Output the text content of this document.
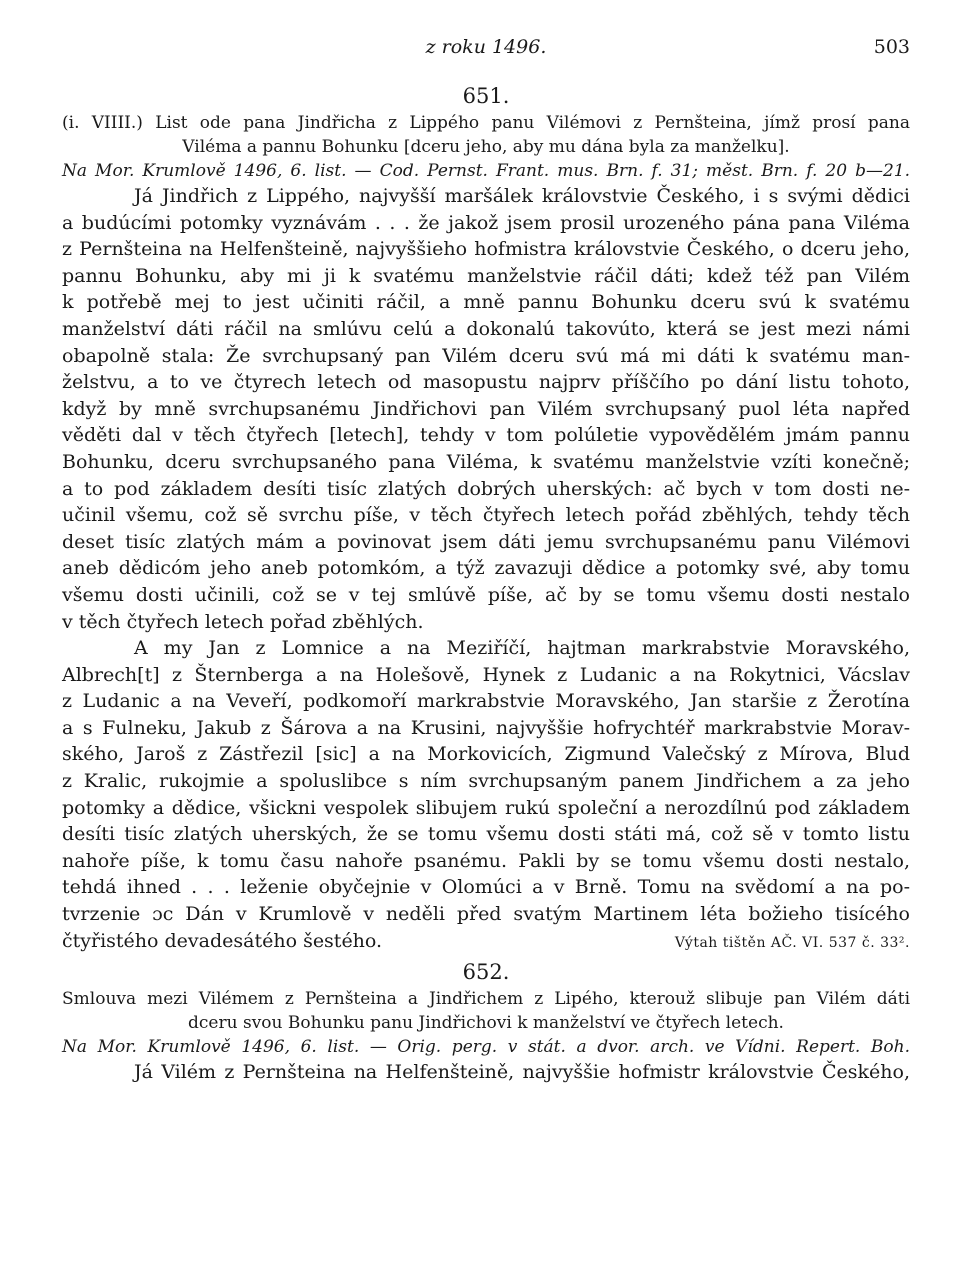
z roku 1496.	503
651.
(i. VIIII.) List ode pana Jindřicha z Lippého panu Vilémovi z Pernšteina, jímž prosí pana
Viléma a pannu Bohunku [dceru jeho, aby mu dána byla za manželku].
Na Mor. Krumlově 1496, 6. list. — Cod. Pernst. Frant. mus. Brn. f. 31; měst. Brn. f. 20 b—21.
Já Jindřich z Lippého, najvyšší maršálek královstvie Českého, i s svými dědici
a budúcími potomky vyznávám . . . že jakož jsem prosil urozeného pána pana Viléma
z Pernšteina na Helfenšteině, najvyššieho hofmistra královstvie Českého, o dceru jeho,
pannu Bohunku, aby mi ji k svatému manželstvie ráčil dáti; kdež též pan Vilém
k potřebě mej to jest učiniti ráčil, a mně pannu Bohunku dceru svú k svatému
manželství dáti ráčil na smlúvu celú a dokonalú takovúto, která se jest mezi námi
obapolně stala: Že svrchupsaný pan Vilém dceru svú má mi dáti k svatému man-
želstvu, a to ve čtyrech letech od masopustu najprv příščího po dání listu tohoto,
když by mně svrchupsanému Jindřichovi pan Vilém svrchupsaný puol léta napřed
věděti dal v těch čtyřech [letech], tehdy v tom polúletie vypovědělém jmám pannu
Bohunku, dceru svrchupsaného pana Viléma, k svatému manželstvie vzíti konečně;
a to pod základem desíti tisíc zlatých dobrých uherských: ač bych v tom dosti ne-
učinil všemu, což sě svrchu píše, v těch čtyřech letech pořád zběhlých, tehdy těch
deset tisíc zlatých mám a povinovat jsem dáti jemu svrchupsanému panu Vilémovi
aneb dědicóm jeho aneb potomkóm, a týž zavazuji dědice a potomky své, aby tomu
všemu dosti učinili, což se v tej smlúvě píše, ač by se tomu všemu dosti nestalo
v těch čtyřech letech pořad zběhlých.
A my Jan z Lomnice a na Meziříčí, hajtman markrabstvie Moravského,
Albrech[t] z Šternberga a na Holešově, Hynek z Ludanic a na Rokytnici, Vácslav
z Ludanic a na Veveří, podkomoří markrabstvie Moravského, Jan staršie z Žerotína
a s Fulneku, Jakub z Šárova a na Krusini, najvyššie hofrychtéř markrabstvie Morav-
ského, Jaroš z Zástřezil [sic] a na Morkovicích, Zigmund Valečský z Mírova, Blud
z Kralic, rukojmie a spoluslibce s ním svrchupsaným panem Jindřichem a za jeho
potomky a dědice, všickni vespolek slibujem rukú společní a nerozdílnú pod základem
desíti tisíc zlatých uherských, že se tomu všemu dosti státi má, což sě v tomto listu
nahoře píše, k tomu času nahoře psanému. Pakli by se tomu všemu dosti nestalo,
tehdá ihned . . . leženie obyčejnie v Olomúci a v Brně. Tomu na svědomí a na po-
tvrzenie ɔc Dán v Krumlově v neděli před svatým Martinem léta božieho tisícého
čtyřistého devadesátého šestého.	Výtah tištěn AČ. VI. 537 č. 33².
652.
Smlouva mezi Vilémem z Pernšteina a Jindřichem z Lipého, kterouž slibuje pan Vilém dáti
dceru svou Bohunku panu Jindřichovi k manželství ve čtyřech letech.
Na Mor. Krumlově 1496, 6. list. — Orig. perg. v stát. a dvor. arch. ve Vídni. Repert. Boh.
Já Vilém z Pernšteina na Helfenšteině, najvyššie hofmistr královstvie Českého,
